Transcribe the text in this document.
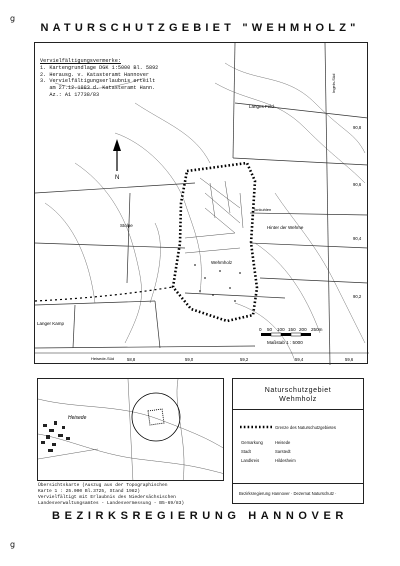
NATURSCHUTZGEBIET "WEHMHOLZ"
g
g
N
Langes Feld
Stolpe	Hinter der Wehme
Wehmholz
Langer Kamp
Tonkuhlen
Heisede-Süd
Ingeln-Süd
90,8
90,6
90,4
90,2
58,8	59,0	59,2	59,4	59,6
0 50 100 150 200 250m
Maßstab 1 : 5000
Vervielfältigungsvermerke:
1. Kartengrundlage DGK 1:5000 Bl. 5892
2. Herausg. v. Katasteramt Hannover
3. Vervielfältigungserlaubnis erteilt
am 27.12.1983 d. Katasteramt Hann.
Az.: A1 17738/83
Heisede
Übersichtskarte (Auszug aus der Topographischen
Karte 1 : 25.000 Bl.3725, Stand 1982)
Vervielfältigt mit Erlaubnis des Niedersächsischen
Landesverwaltungsamtes - Landesvermessung - B5-69/83)
Naturschutzgebiet
Wehmholz
Grenze des Naturschutzgebietes
Gemarkung	Heisede
Stadt	Sarstedt
Landkreis	Hildesheim
Bezirksregierung Hannover · Dezernat Naturschutz ·
BEZIRKSREGIERUNG HANNOVER
